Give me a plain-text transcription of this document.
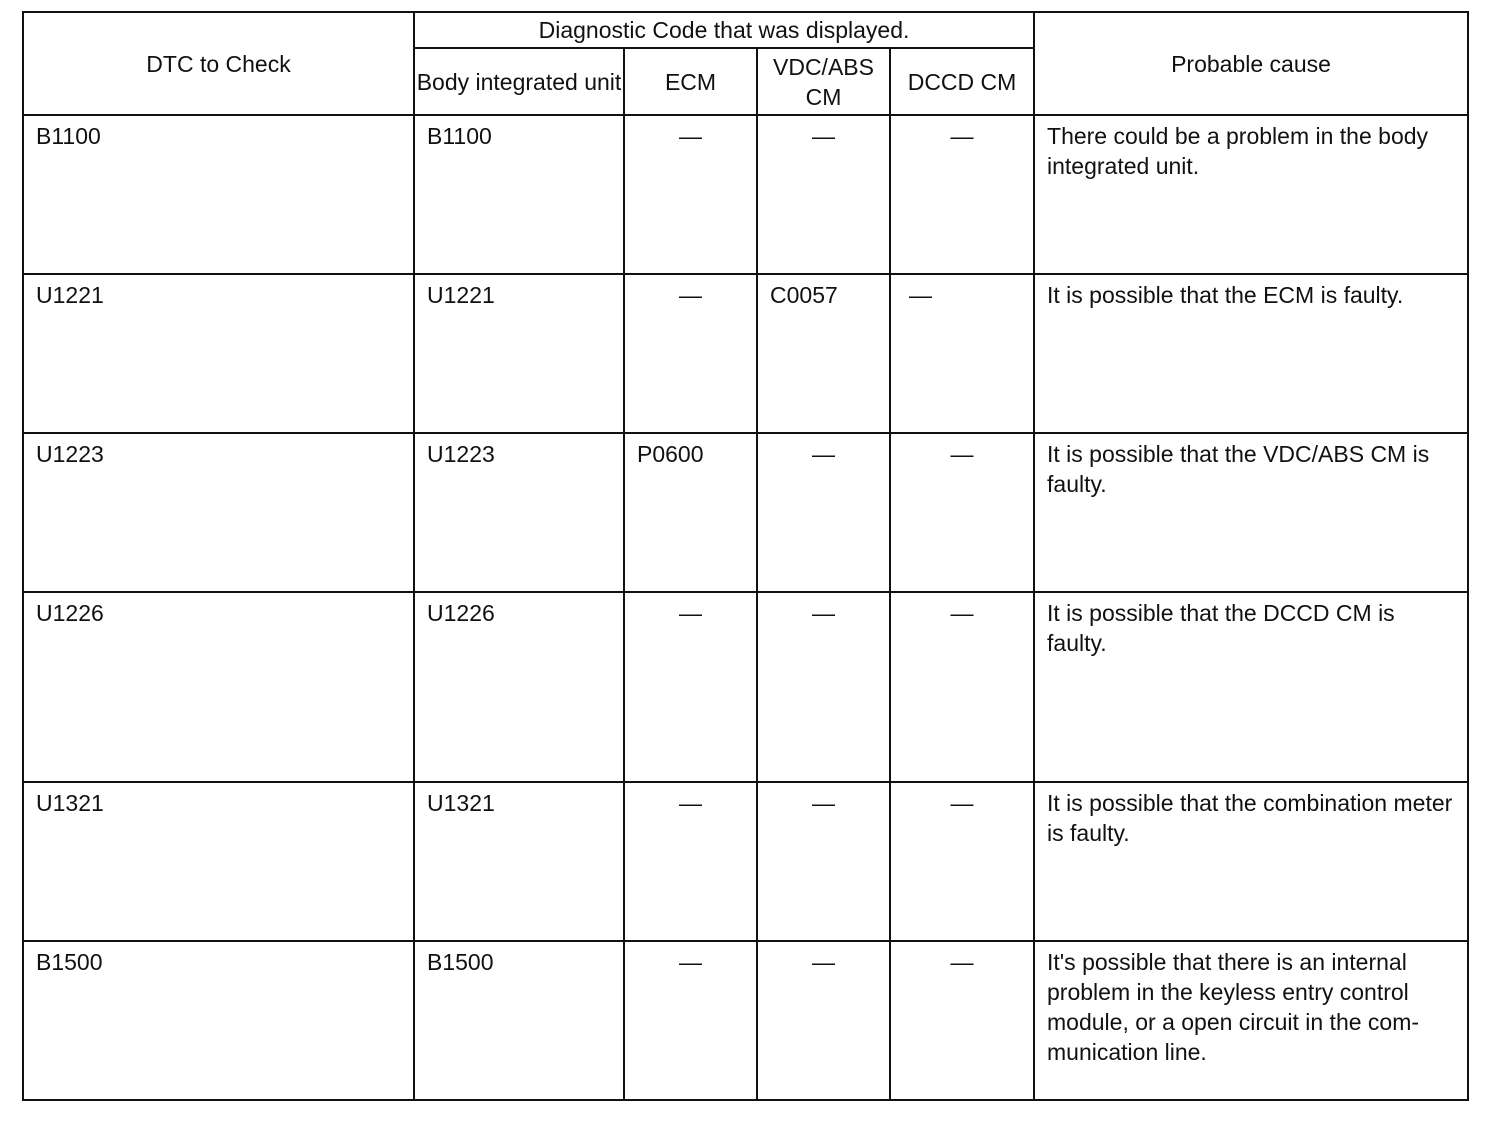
DTC to Check	Diagnostic Code that was displayed.				Probable cause
	Body integrated unit	ECM	VDC/ABS CM	DCCD CM	

B1100	B1100	—	—	—	There could be a problem in the body integrated unit.

U1221	U1221	—	C0057	—	It is possible that the ECM is faulty.

U1223	U1223	P0600	—	—	It is possible that the VDC/ABS CM is faulty.

U1226	U1226	—	—	—	It is possible that the DCCD CM is faulty.

U1321	U1321	—	—	—	It is possible that the combination meter is faulty.

B1500	B1500	—	—	—	It's possible that there is an internal problem in the keyless entry control module, or a open circuit in the com-munication line.
